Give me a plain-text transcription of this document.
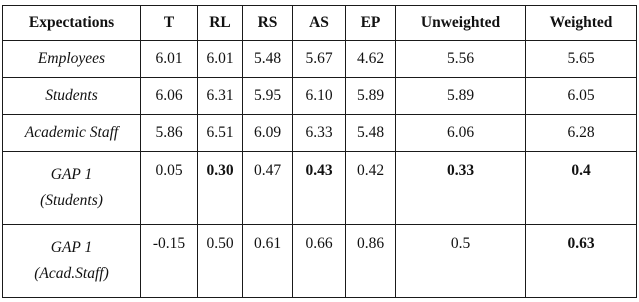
Expectations	T	RL	RS	AS	EP	Unweighted	Weighted
Employees	6.01	6.01	5.48	5.67	4.62	5.56	5.65
Students	6.06	6.31	5.95	6.10	5.89	5.89	6.05
Academic Staff	5.86	6.51	6.09	6.33	5.48	6.06	6.28
GAP 1
(Students)	0.05	0.30	0.47	0.43	0.42	0.33	0.4
GAP 1
(Acad.Staff)	-0.15	0.50	0.61	0.66	0.86	0.5	0.63
